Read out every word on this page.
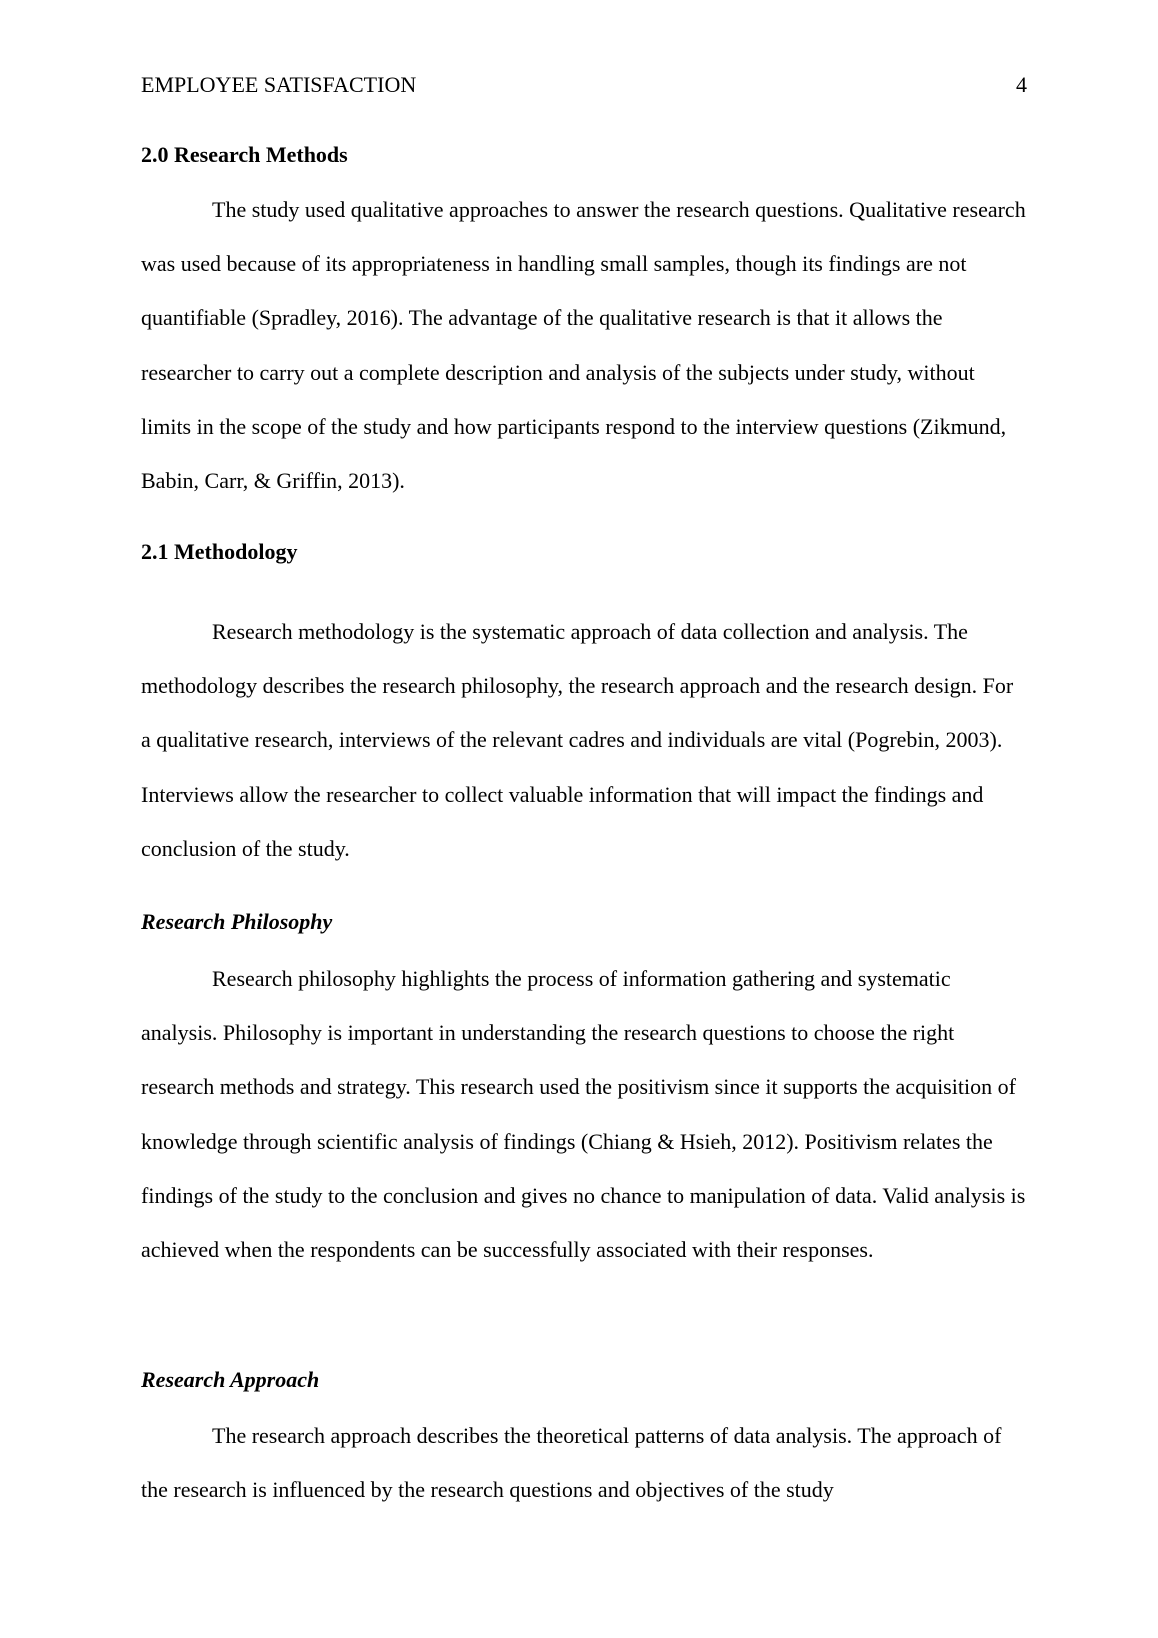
EMPLOYEE SATISFACTION	4
2.0 Research Methods

The study used qualitative approaches to answer the research questions. Qualitative research was used because of its appropriateness in handling small samples, though its findings are not quantifiable (Spradley, 2016). The advantage of the qualitative research is that it allows the researcher to carry out a complete description and analysis of the subjects under study, without limits in the scope of the study and how participants respond to the interview questions (Zikmund, Babin, Carr, & Griffin, 2013).

2.1 Methodology

Research methodology is the systematic approach of data collection and analysis. The methodology describes the research philosophy, the research approach and the research design. For a qualitative research, interviews of the relevant cadres and individuals are vital (Pogrebin, 2003). Interviews allow the researcher to collect valuable information that will impact the findings and conclusion of the study.

Research Philosophy

Research philosophy highlights the process of information gathering and systematic analysis. Philosophy is important in understanding the research questions to choose the right research methods and strategy. This research used the positivism since it supports the acquisition of knowledge through scientific analysis of findings (Chiang & Hsieh, 2012). Positivism relates the findings of the study to the conclusion and gives no chance to manipulation of data. Valid analysis is achieved when the respondents can be successfully associated with their responses.

Research Approach

The research approach describes the theoretical patterns of data analysis. The approach of the research is influenced by the research questions and objectives of the study
